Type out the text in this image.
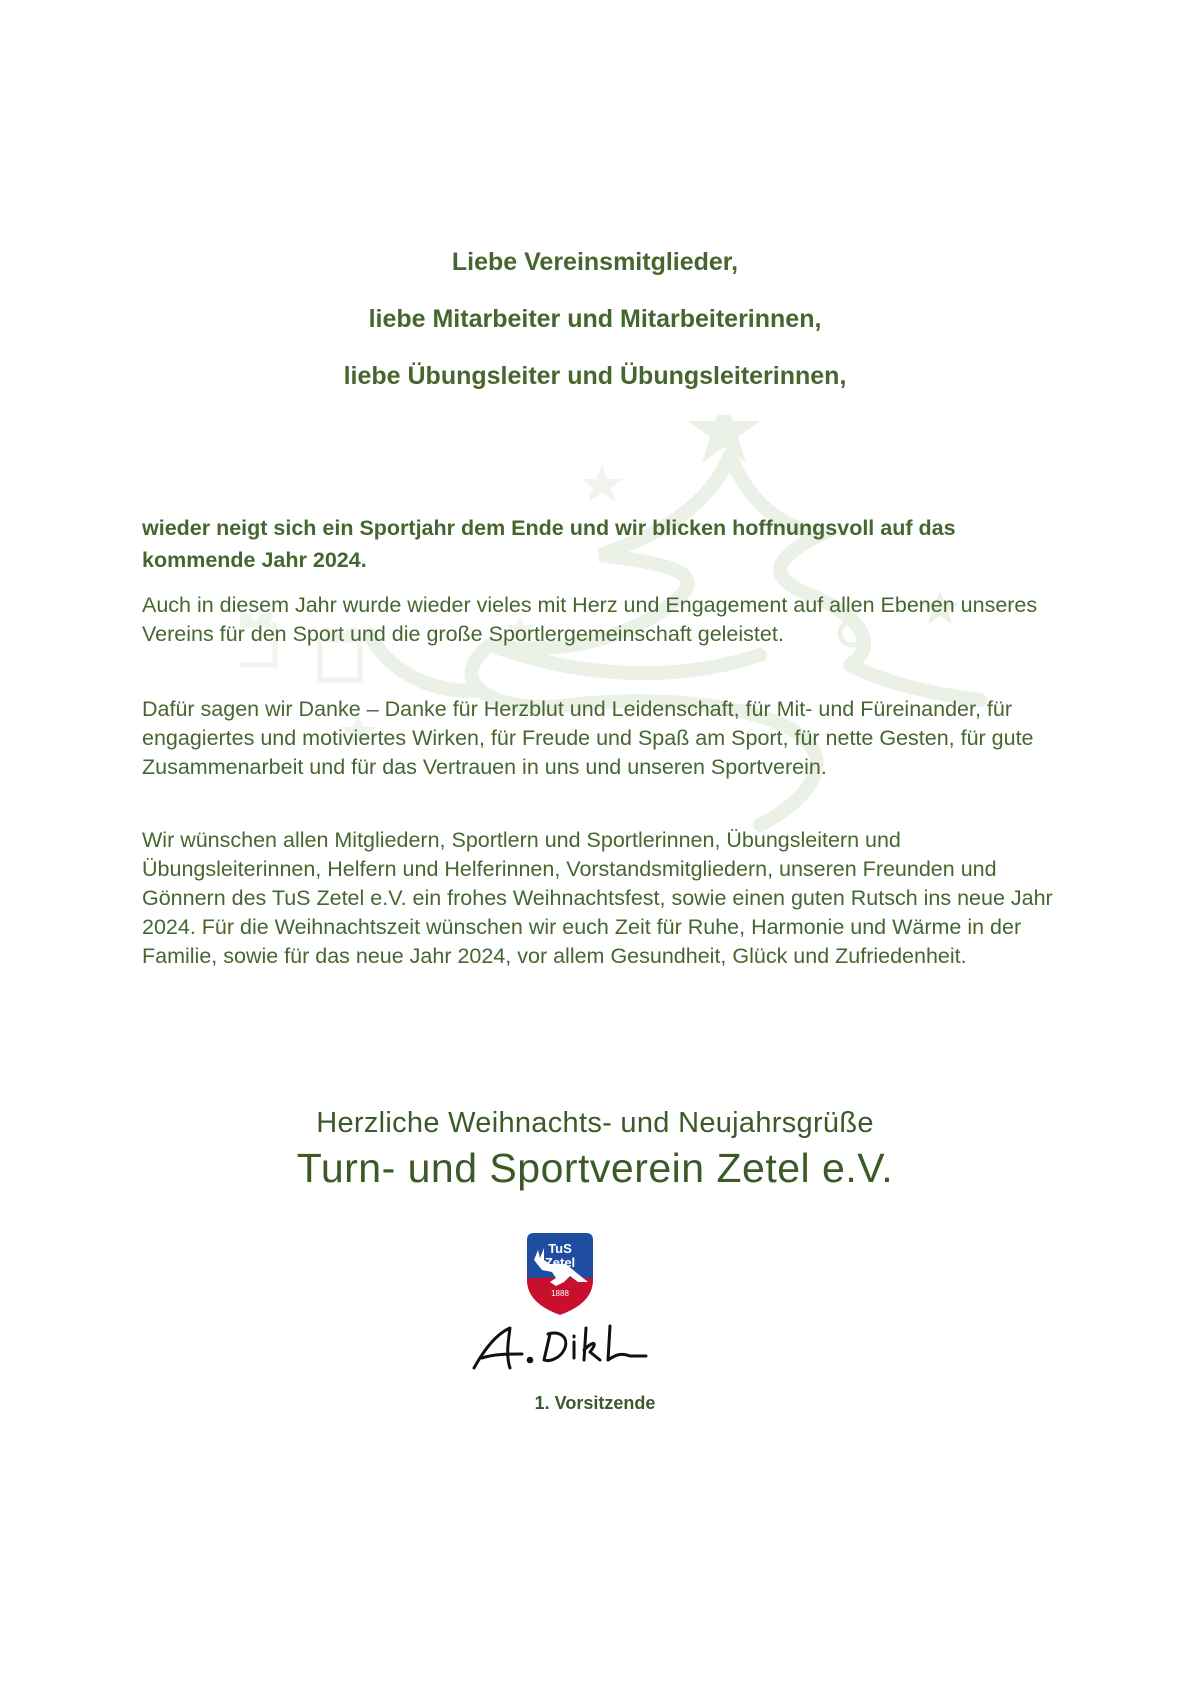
Liebe Vereinsmitglieder,
liebe Mitarbeiter und Mitarbeiterinnen,
liebe Übungsleiter und Übungsleiterinnen,

wieder neigt sich ein Sportjahr dem Ende und wir blicken hoffnungsvoll auf das kommende Jahr 2024.

Auch in diesem Jahr wurde wieder vieles mit Herz und Engagement auf allen Ebenen unseres Vereins für den Sport und die große Sportlergemeinschaft geleistet.

Dafür sagen wir Danke – Danke für Herzblut und Leidenschaft, für Mit- und Füreinander, für engagiertes und motiviertes Wirken, für Freude und Spaß am Sport, für nette Gesten, für gute Zusammenarbeit und für das Vertrauen in uns und unseren Sportverein.

Wir wünschen allen Mitgliedern, Sportlern und Sportlerinnen, Übungsleitern und Übungsleiterinnen, Helfern und Helferinnen, Vorstandsmitgliedern, unseren Freunden und Gönnern des TuS Zetel e.V. ein frohes Weihnachtsfest, sowie einen guten Rutsch ins neue Jahr 2024. Für die Weihnachtszeit wünschen wir euch Zeit für Ruhe, Harmonie und Wärme in der Familie, sowie für das neue Jahr 2024, vor allem Gesundheit, Glück und Zufriedenheit.

Herzliche Weihnachts- und Neujahrsgrüße
Turn- und Sportverein Zetel e.V.
TuS
Zetel
1888
1. Vorsitzende
